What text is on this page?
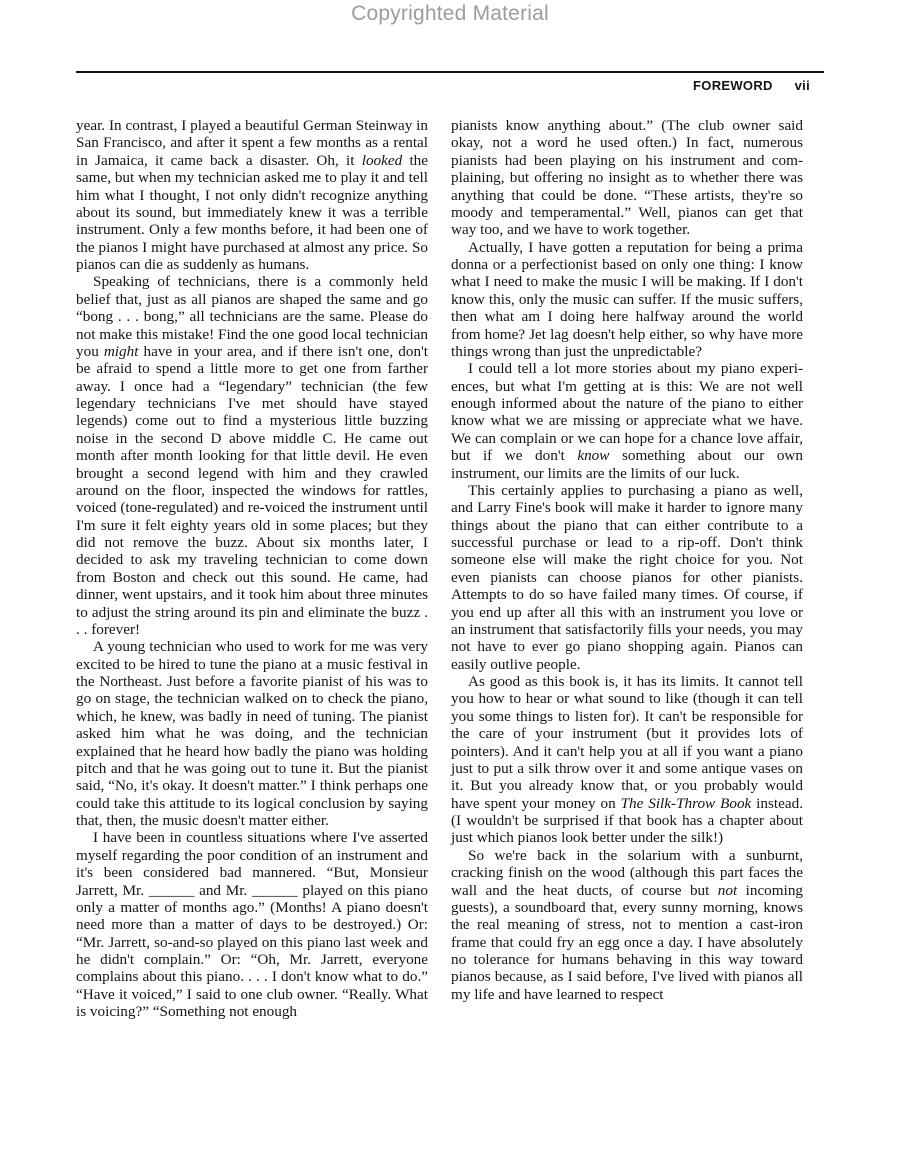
Copyrighted Material
FOREWORD vii

year. In contrast, I played a beautiful German Steinway in San Francisco, and after it spent a few months as a rental in Jamaica, it came back a disaster. Oh, it looked the same, but when my technician asked me to play it and tell him what I thought, I not only didn't recognize anything about its sound, but immediately knew it was a terrible instrument. Only a few months before, it had been one of the pianos I might have purchased at almost any price. So pianos can die as suddenly as humans.

Speaking of technicians, there is a commonly held belief that, just as all pianos are shaped the same and go “bong . . . bong,” all technicians are the same. Please do not make this mistake! Find the one good local technician you might have in your area, and if there isn't one, don't be afraid to spend a little more to get one from farther away. I once had a “legendary” technician (the few legendary technicians I've met should have stayed legends) come out to find a mysterious little buzzing noise in the second D above middle C. He came out month after month looking for that little devil. He even brought a second legend with him and they crawled around on the floor, inspected the windows for rattles, voiced (tone-regulated) and re-voiced the instrument until I'm sure it felt eighty years old in some places; but they did not remove the buzz. About six months later, I decided to ask my traveling technician to come down from Boston and check out this sound. He came, had dinner, went upstairs, and it took him about three minutes to adjust the string around its pin and eliminate the buzz . . . forever!

A young technician who used to work for me was very excited to be hired to tune the piano at a music festival in the Northeast. Just before a favorite pianist of his was to go on stage, the technician walked on to check the piano, which, he knew, was badly in need of tuning. The pianist asked him what he was doing, and the technician explained that he heard how badly the piano was holding pitch and that he was going out to tune it. But the pianist said, “No, it's okay. It doesn't matter.” I think perhaps one could take this attitude to its logical conclusion by saying that, then, the music doesn't matter either.

I have been in countless situations where I've asserted myself regarding the poor condition of an instrument and it's been considered bad mannered. “But, Monsieur Jarrett, Mr. ______ and Mr. ______ played on this piano only a matter of months ago.” (Months! A piano doesn't need more than a matter of days to be destroyed.) Or: “Mr. Jarrett, so-and-so played on this piano last week and he didn't complain.” Or: “Oh, Mr. Jarrett, everyone complains about this piano. . . . I don't know what to do.” “Have it voiced,” I said to one club owner. “Really. What is voicing?” “Something not enough

pianists know anything about.” (The club owner said okay, not a word he used often.) In fact, numerous pianists had been playing on his instrument and complaining, but offering no insight as to whether there was anything that could be done. “These artists, they're so moody and temperamental.” Well, pianos can get that way too, and we have to work together.

Actually, I have gotten a reputation for being a prima donna or a perfectionist based on only one thing: I know what I need to make the music I will be making. If I don't know this, only the music can suffer. If the music suffers, then what am I doing here halfway around the world from home? Jet lag doesn't help either, so why have more things wrong than just the unpredictable?

I could tell a lot more stories about my piano experiences, but what I'm getting at is this: We are not well enough informed about the nature of the piano to either know what we are missing or appreciate what we have. We can complain or we can hope for a chance love affair, but if we don't know something about our own instrument, our limits are the limits of our luck.

This certainly applies to purchasing a piano as well, and Larry Fine's book will make it harder to ignore many things about the piano that can either contribute to a successful purchase or lead to a rip-off. Don't think someone else will make the right choice for you. Not even pianists can choose pianos for other pianists. Attempts to do so have failed many times. Of course, if you end up after all this with an instrument you love or an instrument that satisfactorily fills your needs, you may not have to ever go piano shopping again. Pianos can easily outlive people.

As good as this book is, it has its limits. It cannot tell you how to hear or what sound to like (though it can tell you some things to listen for). It can't be responsible for the care of your instrument (but it provides lots of pointers). And it can't help you at all if you want a piano just to put a silk throw over it and some antique vases on it. But you already know that, or you probably would have spent your money on The Silk-Throw Book instead. (I wouldn't be surprised if that book has a chapter about just which pianos look better under the silk!)

So we're back in the solarium with a sunburnt, cracking finish on the wood (although this part faces the wall and the heat ducts, of course but not incoming guests), a soundboard that, every sunny morning, knows the real meaning of stress, not to mention a cast-iron frame that could fry an egg once a day. I have absolutely no tolerance for humans behaving in this way toward pianos because, as I said before, I've lived with pianos all my life and have learned to respect
